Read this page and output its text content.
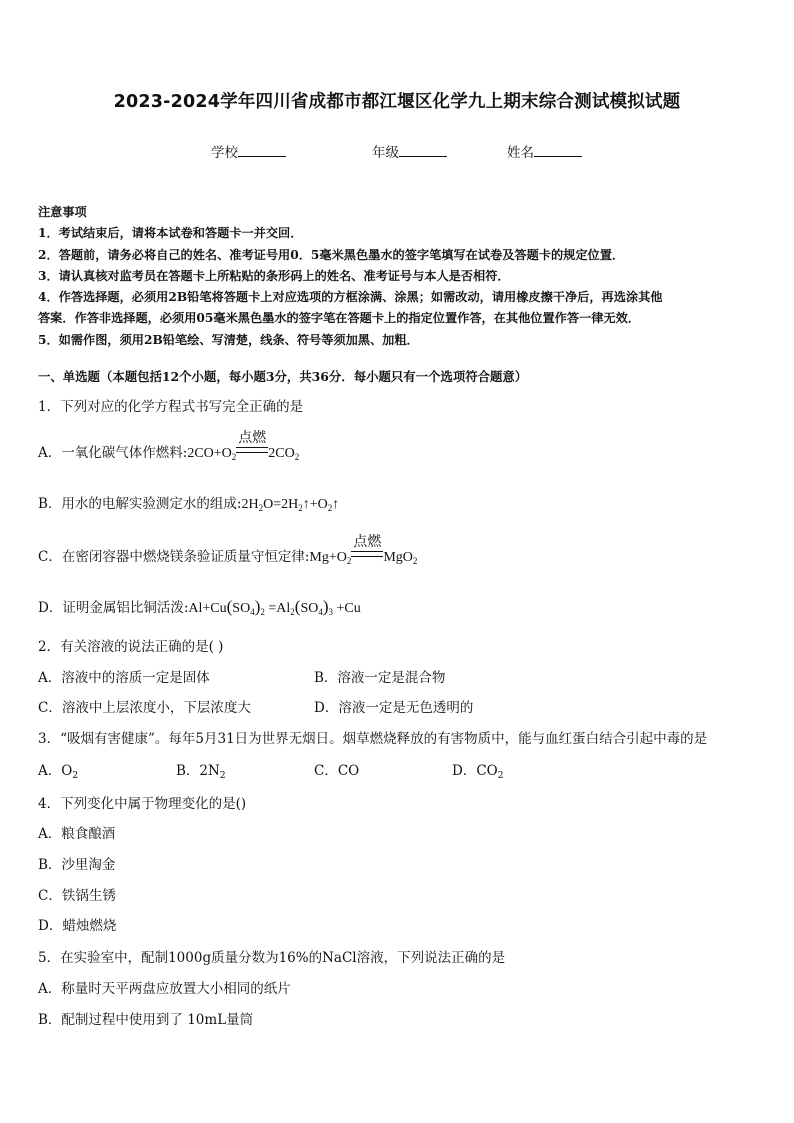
2023-2024学年四川省成都市都江堰区化学九上期末综合测试模拟试题
学校	年级	姓名

注意事项

1．考试结束后，请将本试卷和答题卡一并交回．

2．答题前，请务必将自己的姓名、准考证号用0．5毫米黑色墨水的签字笔填写在试卷及答题卡的规定位置．

3．请认真核对监考员在答题卡上所粘贴的条形码上的姓名、准考证号与本人是否相符．

4．作答选择题，必须用2B铅笔将答题卡上对应选项的方框涂满、涂黑；如需改动，请用橡皮擦干净后，再选涂其他

答案．作答非选择题，必须用05毫米黑色墨水的签字笔在答题卡上的指定位置作答，在其他位置作答一律无效．

5．如需作图，须用2B铅笔绘、写清楚，线条、符号等须加黑、加粗．

一、单选题（本题包括12个小题，每小题3分，共36分．每小题只有一个选项符合题意）
1．下列对应的化学方程式书写完全正确的是
A．一氧化碳气体作燃料$:2CO+O_2$
点燃
$2CO_2$
B．用水的电解实验测定水的组成$:2H_2O=2H_2↑+O_2↑$
C．在密闭容器中燃烧镁条验证质量守恒定律$:Mg+O_2$
点燃
MgO$_2$
D．证明金属铝比铜活泼$:Al+Cu(SO_4)_2 =Al_2(SO_4)_3 +Cu$
2．有关溶液的说法正确的是( )
A．溶液中的溶质一定是固体	B．溶液一定是混合物
C．溶液中上层浓度小，下层浓度大	D．溶液一定是无色透明的
3．“吸烟有害健康”。每年5月31日为世界无烟日。烟草燃烧释放的有害物质中，能与血红蛋白结合引起中毒的是
A．$O_2$	B．$2N_2$	C．CO	D．$CO_2$
4．下列变化中属于物理变化的是()
A．粮食酿酒
B．沙里淘金
C．铁锅生锈
D．蜡烛燃烧
5．在实验室中，配制1000g质量分数为16%的NaCl溶液，下列说法正确的是
A．称量时天平两盘应放置大小相同的纸片
B．配制过程中使用到了 10mL量筒
